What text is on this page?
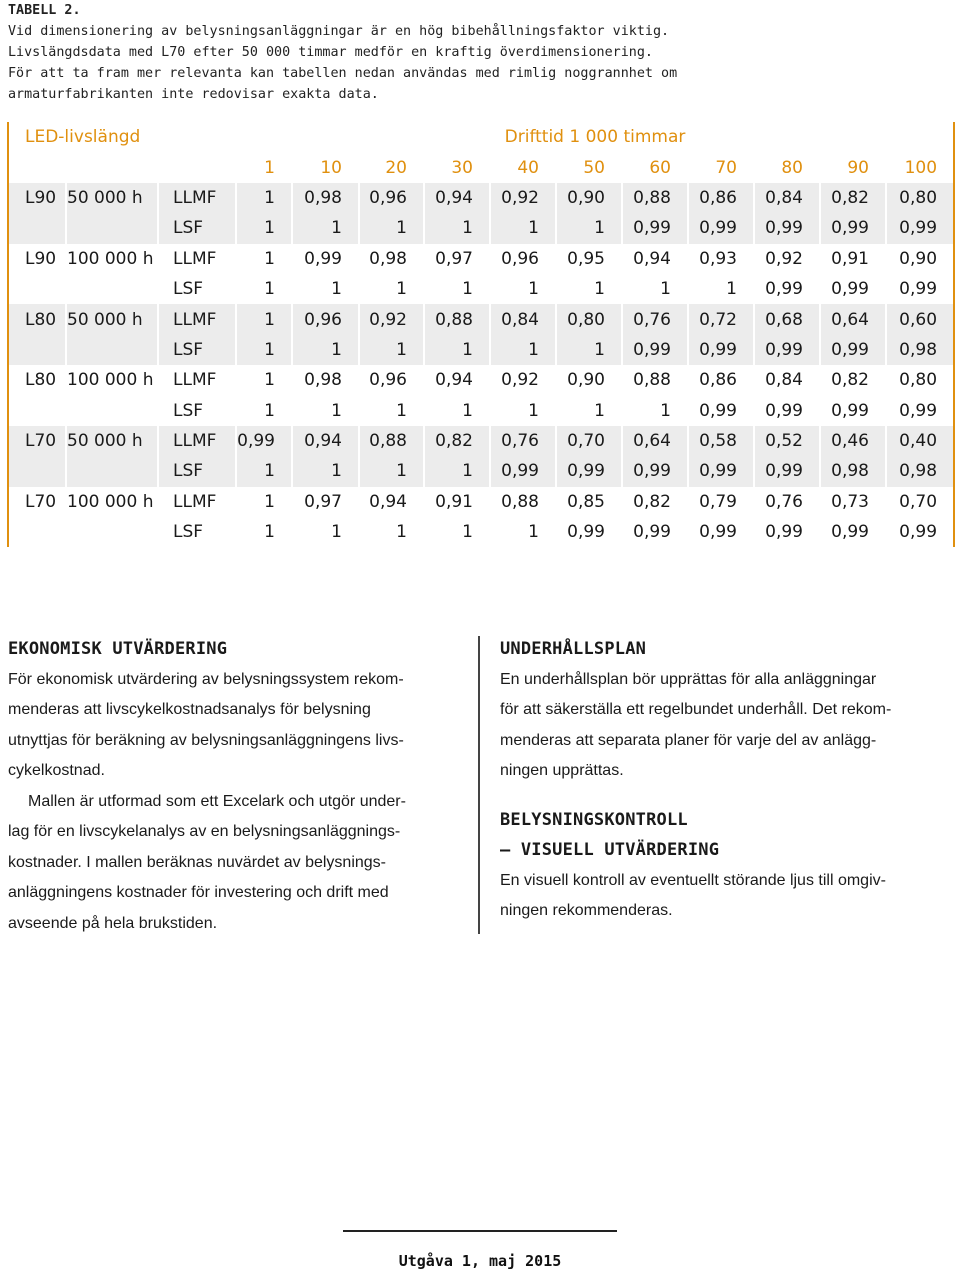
TABELL 2.
Vid dimensionering av belysningsanläggningar är en hög bibehållningsfaktor viktig.
Livslängdsdata med L70 efter 50 000 timmar medför en kraftig överdimensionering.
För att ta fram mer relevanta kan tabellen nedan användas med rimlig noggrannhet om
armaturfabrikanten inte redovisar exakta data.
LED-livslängd			Drifttid 1 000 timmar										
			1	10	20	30	40	50	60	70	80	90	100
L90	50 000 h	LLMF	1	0,98	0,96	0,94	0,92	0,90	0,88	0,86	0,84	0,82	0,80
		LSF	1	1	1	1	1	1	0,99	0,99	0,99	0,99	0,99
L90	100 000 h	LLMF	1	0,99	0,98	0,97	0,96	0,95	0,94	0,93	0,92	0,91	0,90
		LSF	1	1	1	1	1	1	1	1	0,99	0,99	0,99
L80	50 000 h	LLMF	1	0,96	0,92	0,88	0,84	0,80	0,76	0,72	0,68	0,64	0,60
		LSF	1	1	1	1	1	1	0,99	0,99	0,99	0,99	0,98
L80	100 000 h	LLMF	1	0,98	0,96	0,94	0,92	0,90	0,88	0,86	0,84	0,82	0,80
		LSF	1	1	1	1	1	1	1	0,99	0,99	0,99	0,99
L70	50 000 h	LLMF	0,99	0,94	0,88	0,82	0,76	0,70	0,64	0,58	0,52	0,46	0,40
		LSF	1	1	1	1	0,99	0,99	0,99	0,99	0,99	0,98	0,98
L70	100 000 h	LLMF	1	0,97	0,94	0,91	0,88	0,85	0,82	0,79	0,76	0,73	0,70
		LSF	1	1	1	1	1	0,99	0,99	0,99	0,99	0,99	0,99
EKONOMISK UTVÄRDERING

För ekonomisk utvärdering av belysningssystem rekom-

menderas att livscykelkostnadsanalys för belysning

utnyttjas för beräkning av belysningsanläggningens livs-

cykelkostnad.

Mallen är utformad som ett Excelark och utgör under-

lag för en livscykelanalys av en belysningsanläggnings-

kostnader. I mallen beräknas nuvärdet av belysnings-

anläggningens kostnader för investering och drift med

avseende på hela brukstiden.

UNDERHÅLLSPLAN

En underhållsplan bör upprättas för alla anläggningar

för att säkerställa ett regelbundet underhåll. Det rekom-

menderas att separata planer för varje del av anlägg-

ningen upprättas.

BELYSNINGSKONTROLL
– VISUELL UTVÄRDERING

En visuell kontroll av eventuellt störande ljus till omgiv-

ningen rekommenderas.

Utgåva 1, maj 2015
